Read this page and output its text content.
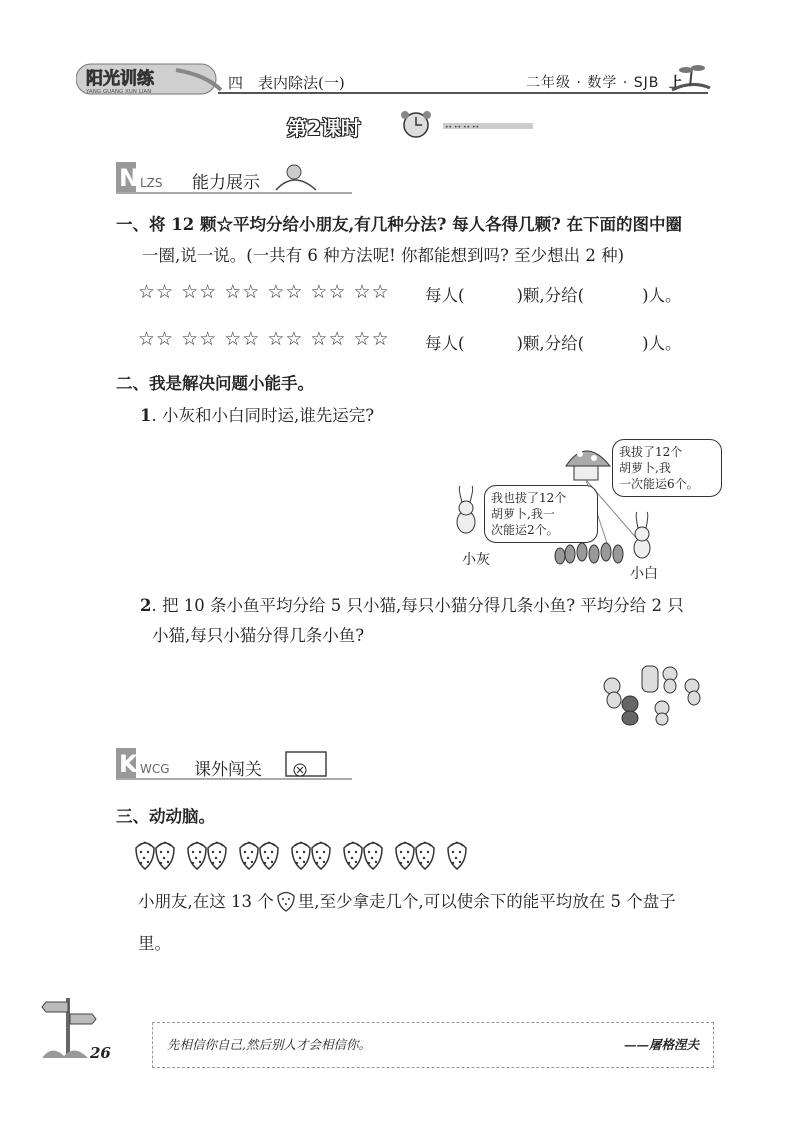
阳光训练
YANG GUANG XUN LIAN	四　表内除法(一)	二年级 · 数学 · SJB 上
•• •• •• ••
第2课时
N LZS 能力展示
一、将 12 颗☆平均分给小朋友,有几种分法? 每人各得几颗? 在下面的图中圈
一圈,说一说。(一共有 6 种方法呢! 你都能想到吗? 至少想出 2 种)
☆☆ ☆☆ ☆☆ ☆☆ ☆☆ ☆☆ 每人(	)颗,分给(	)人。
☆☆ ☆☆ ☆☆ ☆☆ ☆☆ ☆☆ 每人(	)颗,分给(	)人。
二、我是解决问题小能手。
1. 小灰和小白同时运,谁先运完?
我拔了12个
胡萝卜,我
一次能运6个。
我也拔了12个
胡萝卜,我一
次能运2个。
小灰
小白
2. 把 10 条小鱼平均分给 5 只小猫,每只小猫分得几条小鱼? 平均分给 2 只
小猫,每只小猫分得几条小鱼?
K WCG 课外闯关
三、动动脑。
小朋友,在这 13 个 里,至少拿走几个,可以使余下的能平均放在 5 个盘子
里。
26	先相信你自己,然后别人才会相信你。	——屠格涅夫
